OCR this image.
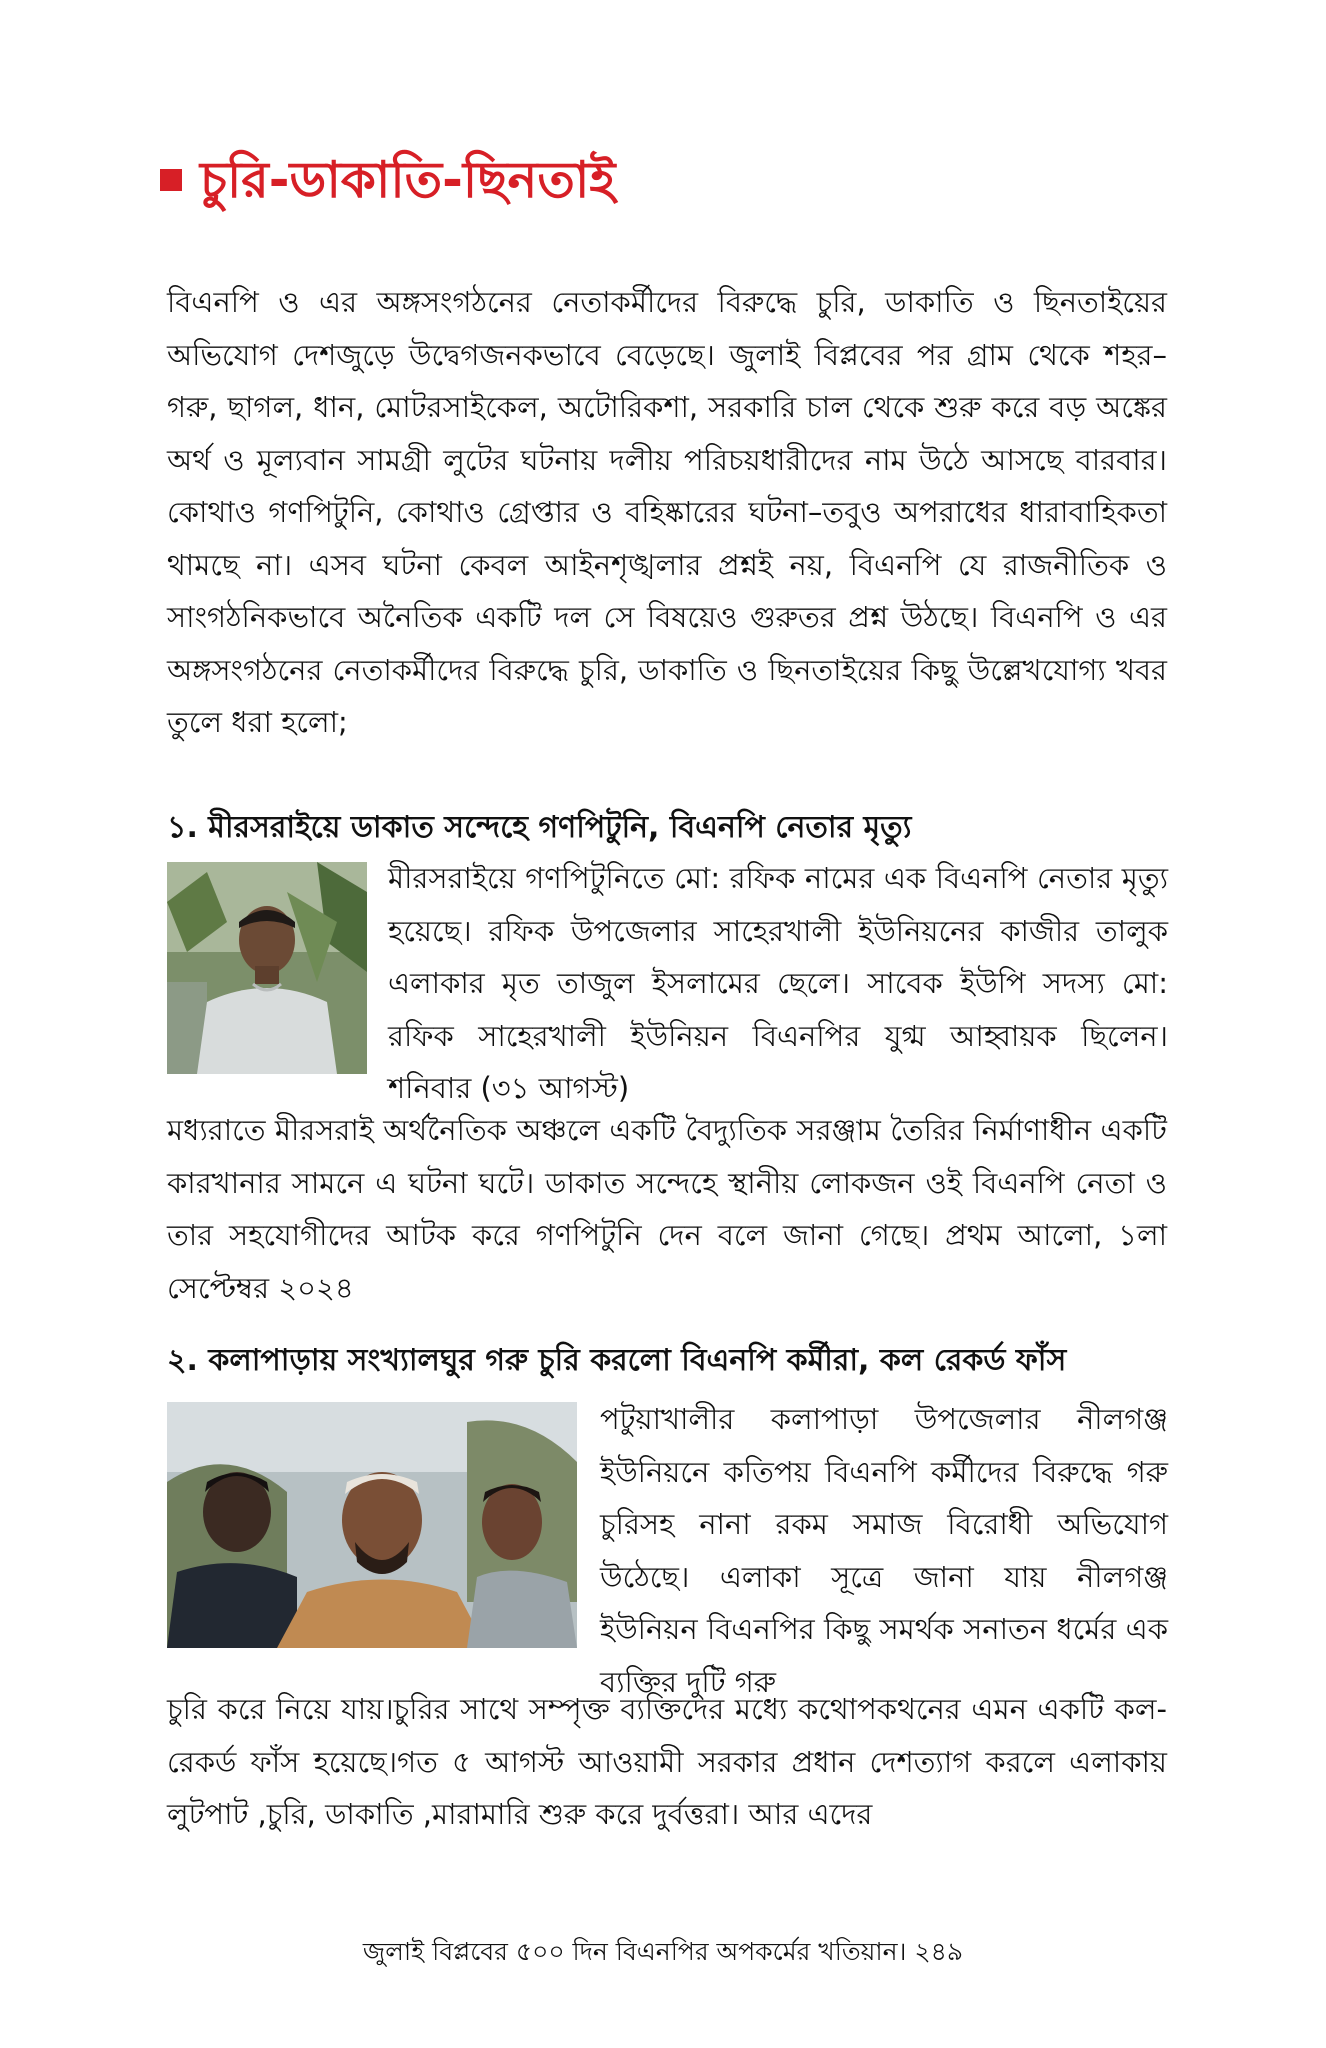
চুরি-ডাকাতি-ছিনতাই

বিএনপি ও এর অঙ্গসংগঠনের নেতাকর্মীদের বিরুদ্ধে চুরি, ডাকাতি ও ছিনতাইয়ের অভিযোগ দেশজুড়ে উদ্বেগজনকভাবে বেড়েছে। জুলাই বিপ্লবের পর গ্রাম থেকে শহর–গরু, ছাগল, ধান, মোটরসাইকেল, অটোরিকশা, সরকারি চাল থেকে শুরু করে বড় অঙ্কের অর্থ ও মূল্যবান সামগ্রী লুটের ঘটনায় দলীয় পরিচয়ধারীদের নাম উঠে আসছে বারবার। কোথাও গণপিটুনি, কোথাও গ্রেপ্তার ও বহিষ্কারের ঘটনা–তবুও অপরাধের ধারাবাহিকতা থামছে না। এসব ঘটনা কেবল আইনশৃঙ্খলার প্রশ্নই নয়, বিএনপি যে রাজনীতিক ও সাংগঠনিকভাবে অনৈতিক একটি দল সে বিষয়েও গুরুতর প্রশ্ন উঠছে। বিএনপি ও এর অঙ্গসংগঠনের নেতাকর্মীদের বিরুদ্ধে চুরি, ডাকাতি ও ছিনতাইয়ের কিছু উল্লেখযোগ্য খবর তুলে ধরা হলো;

১. মীরসরাইয়ে ডাকাত সন্দেহে গণপিটুনি, বিএনপি নেতার মৃত্যু

মীরসরাইয়ে গণপিটুনিতে মো: রফিক নামের এক বিএনপি নেতার মৃত্যু হয়েছে। রফিক উপজেলার সাহেরখালী ইউনিয়নের কাজীর তালুক এলাকার মৃত তাজুল ইসলামের ছেলে। সাবেক ইউপি সদস্য মো: রফিক সাহেরখালী ইউনিয়ন বিএনপির যুগ্ম আহ্বায়ক ছিলেন। শনিবার (৩১ আগস্ট)

মধ্যরাতে মীরসরাই অর্থনৈতিক অঞ্চলে একটি বৈদ্যুতিক সরঞ্জাম তৈরির নির্মাণাধীন একটি কারখানার সামনে এ ঘটনা ঘটে। ডাকাত সন্দেহে স্থানীয় লোকজন ওই বিএনপি নেতা ও তার সহযোগীদের আটক করে গণপিটুনি দেন বলে জানা গেছে। প্রথম আলো, ১লা সেপ্টেম্বর ২০২৪

২. কলাপাড়ায় সংখ্যালঘুর গরু চুরি করলো বিএনপি কর্মীরা, কল রেকর্ড ফাঁস

পটুয়াখালীর কলাপাড়া উপজেলার নীলগঞ্জ ইউনিয়নে কতিপয় বিএনপি কর্মীদের বিরুদ্ধে গরু চুরিসহ নানা রকম সমাজ বিরোধী অভিযোগ উঠেছে। এলাকা সূত্রে জানা যায় নীলগঞ্জ ইউনিয়ন বিএনপির কিছু সমর্থক সনাতন ধর্মের এক ব্যক্তির দুটি গরু

চুরি করে নিয়ে যায়।চুরির সাথে সম্পৃক্ত ব্যক্তিদের মধ্যে কথোপকথনের এমন একটি কল-রেকর্ড ফাঁস হয়েছে।গত ৫ আগস্ট আওয়ামী সরকার প্রধান দেশত্যাগ করলে এলাকায় লুটপাট ,চুরি, ডাকাতি ,মারামারি শুরু করে দুর্বত্তরা। আর এদের

জুলাই বিপ্লবের ৫০০ দিন বিএনপির অপকর্মের খতিয়ান। ২৪৯
